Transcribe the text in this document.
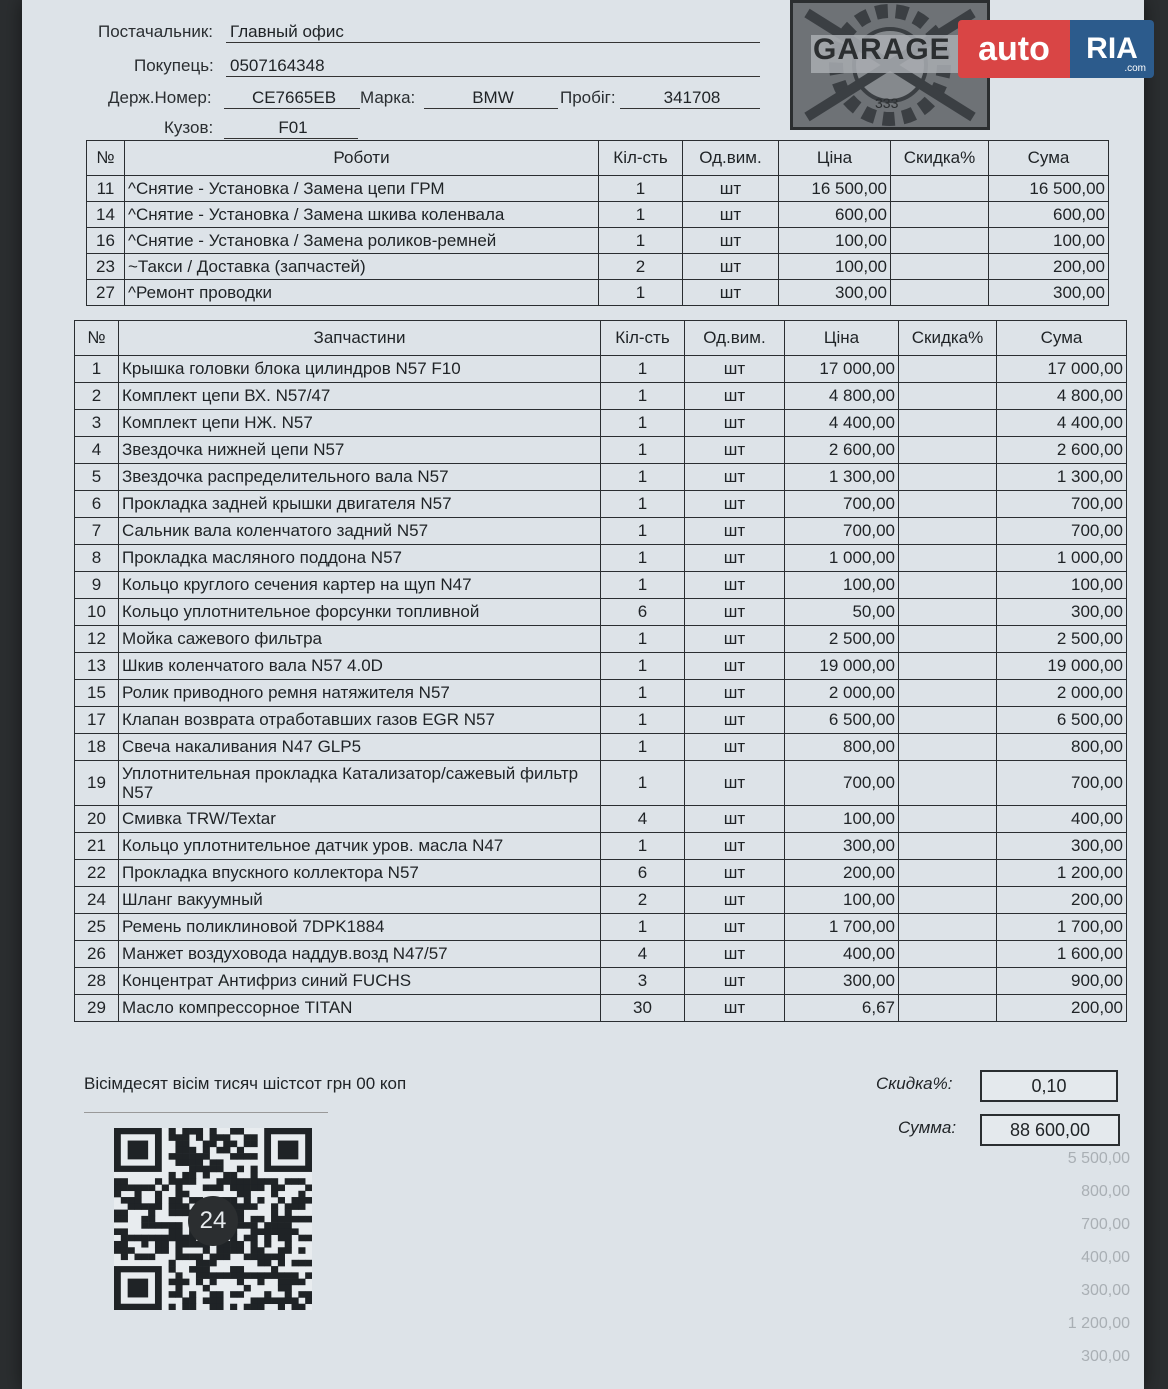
Постачальник: Главный офис
Покупець: 0507164348
Держ.Номер:	CE7665EB	Марка:	BMW	Пробіг:	341708
Кузов:	F01
GARAGE
333
auto	RIA
.com
№	Роботи	Кіл-сть	Од.вим.	Ціна	Скидка%	Сума
11	^Снятие - Установка / Замена цепи ГРМ	1	шт	16 500,00		16 500,00
14	^Снятие - Установка / Замена шкива коленвала	1	шт	600,00		600,00
16	^Снятие - Установка / Замена роликов-ремней	1	шт	100,00		100,00
23	~Такси / Доставка (запчастей)	2	шт	100,00		200,00
27	^Ремонт проводки	1	шт	300,00		300,00
№	Запчастини	Кіл-сть	Од.вим.	Ціна	Скидка%	Сума
1	Крышка головки блока цилиндров N57 F10	1	шт	17 000,00		17 000,00
2	Комплект цепи ВХ. N57/47	1	шт	4 800,00		4 800,00
3	Комплект цепи НЖ. N57	1	шт	4 400,00		4 400,00
4	Звездочка нижней цепи N57	1	шт	2 600,00		2 600,00
5	Звездочка распределительного вала N57	1	шт	1 300,00		1 300,00
6	Прокладка задней крышки двигателя N57	1	шт	700,00		700,00
7	Сальник вала коленчатого задний N57	1	шт	700,00		700,00
8	Прокладка масляного поддона N57	1	шт	1 000,00		1 000,00
9	Кольцо круглого сечения картер на щуп N47	1	шт	100,00		100,00
10	Кольцо уплотнительное форсунки топливной	6	шт	50,00		300,00
12	Мойка сажевого фильтра	1	шт	2 500,00		2 500,00
13	Шкив коленчатого вала N57 4.0D	1	шт	19 000,00		19 000,00
15	Ролик приводного ремня натяжителя N57	1	шт	2 000,00		2 000,00
17	Клапан возврата отработавших газов EGR N57	1	шт	6 500,00		6 500,00
18	Свеча накаливания N47 GLP5	1	шт	800,00		800,00
19	Уплотнительная прокладка Катализатор/сажевый фильтр N57	1	шт	700,00		700,00
20	Смивка TRW/Textar	4	шт	100,00		400,00
21	Кольцо уплотнительное датчик уров. масла N47	1	шт	300,00		300,00
22	Прокладка впускного коллектора N57	6	шт	200,00		1 200,00
24	Шланг вакуумный	2	шт	100,00		200,00
25	Ремень поликлиновой 7DPK1884	1	шт	1 700,00		1 700,00
26	Манжет воздуховода наддув.возд N47/57	4	шт	400,00		1 600,00
28	Концентрат Антифриз синий FUCHS	3	шт	300,00		900,00
29	Масло компрессорное TITAN	30	шт	6,67		200,00
Вісімдесят вісім тисяч шістсот грн 00 коп	Скидка%:	0,10
Сумма:	88 600,00
24
5 500,00
800,00
700,00
400,00
300,00
1 200,00
300,00
